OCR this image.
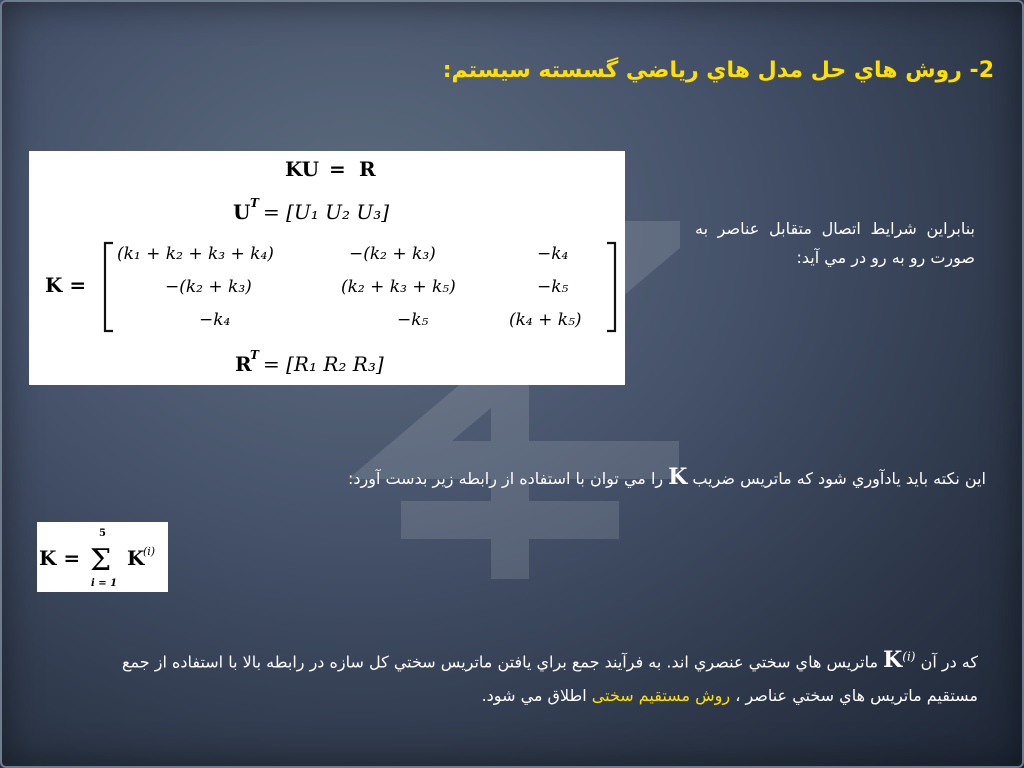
2- روش هاي حل مدل هاي رياضي گسسته سيستم:
KU = R
U T = [U₁ U₂ U₃]
K =
(k₁ + k₂ + k₃ + k₄)	−(k₂ + k₃)	−k₄
−(k₂ + k₃)	(k₂ + k₃ + k₅)	−k₅
−k₄	−k₅	(k₄ + k₅)
R
T = [R₁ R₂ R₃]
بنابراين شرايط اتصال متقابل عناصر به صورت رو به رو در مي آيد:
اين نكته بايد يادآوري شود كه ماتريس ضريب K را مي توان با استفاده از رابطه زير بدست آورد:
K =
5
Σ
i = 1
K
(i)
كه در آن $K^{(i)}$ ماتريس هاي سختي عنصري اند. به فرآيند جمع براي يافتن ماتريس سختي كل سازه در رابطه بالا با استفاده از جمع مستقيم ماتريس هاي سختي عناصر ، روش مستقيم سختی اطلاق مي شود.
